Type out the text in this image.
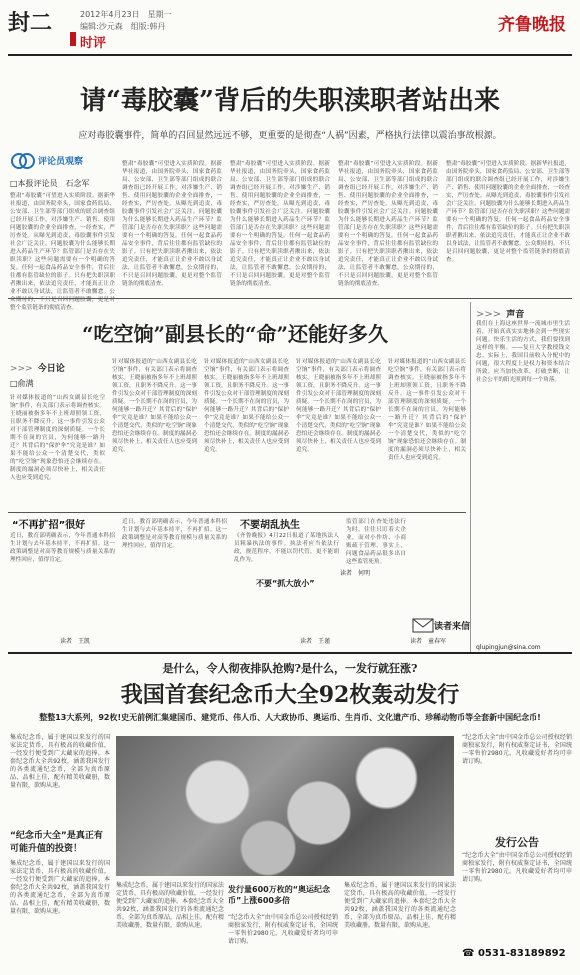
封二	2012年4月23日　星期一
编辑:沙元森　组版:韩丹
时评
齐鲁晚报
请“毒胶囊”背后的失职渎职者站出来
应对毒胶囊事件，简单的召回显然远远不够，更重要的是彻查“人祸”因素，严格执行法律以震治事故根源。
评论员观察
□本报评论员　石念军
整肃“毒胶囊”可望进入实质阶段。据新华社报道，由国务院牵头，国家食药监局、公安部、卫生部等部门组成的联合调查组已经开展工作，对涉嫌生产、销售、使用问题胶囊的企业全面排查，一经查实，严厉查处。从曝光到追责，毒胶囊事件引发社会广泛关注。问题胶囊为什么能够长期进入药品生产环节？监管部门是否存在失职渎职？这些问题需要有一个明确的答复。任何一起食品药品安全事件，背后往往都有监管缺位的影子。只有把失职渎职者揪出来，依法追究责任，才能真正让企业不敢以身试法，让监管者不敢懈怠。公众期待的，不只是召回问题胶囊，更是对整个监管链条的彻底清查。
整肃“毒胶囊”可望进入实质阶段。据新华社报道，由国务院牵头，国家食药监局、公安部、卫生部等部门组成的联合调查组已经开展工作，对涉嫌生产、销售、使用问题胶囊的企业全面排查，一经查实，严厉查处。从曝光到追责，毒胶囊事件引发社会广泛关注。问题胶囊为什么能够长期进入药品生产环节？监管部门是否存在失职渎职？这些问题需要有一个明确的答复。任何一起食品药品安全事件，背后往往都有监管缺位的影子。只有把失职渎职者揪出来，依法追究责任，才能真正让企业不敢以身试法，让监管者不敢懈怠。公众期待的，不只是召回问题胶囊，更是对整个监管链条的彻底清查。
整肃“毒胶囊”可望进入实质阶段。据新华社报道，由国务院牵头，国家食药监局、公安部、卫生部等部门组成的联合调查组已经开展工作，对涉嫌生产、销售、使用问题胶囊的企业全面排查，一经查实，严厉查处。从曝光到追责，毒胶囊事件引发社会广泛关注。问题胶囊为什么能够长期进入药品生产环节？监管部门是否存在失职渎职？这些问题需要有一个明确的答复。任何一起食品药品安全事件，背后往往都有监管缺位的影子。只有把失职渎职者揪出来，依法追究责任，才能真正让企业不敢以身试法，让监管者不敢懈怠。公众期待的，不只是召回问题胶囊，更是对整个监管链条的彻底清查。
整肃“毒胶囊”可望进入实质阶段。据新华社报道，由国务院牵头，国家食药监局、公安部、卫生部等部门组成的联合调查组已经开展工作，对涉嫌生产、销售、使用问题胶囊的企业全面排查，一经查实，严厉查处。从曝光到追责，毒胶囊事件引发社会广泛关注。问题胶囊为什么能够长期进入药品生产环节？监管部门是否存在失职渎职？这些问题需要有一个明确的答复。任何一起食品药品安全事件，背后往往都有监管缺位的影子。只有把失职渎职者揪出来，依法追究责任，才能真正让企业不敢以身试法，让监管者不敢懈怠。公众期待的，不只是召回问题胶囊，更是对整个监管链条的彻底清查。
整肃“毒胶囊”可望进入实质阶段。据新华社报道，由国务院牵头，国家食药监局、公安部、卫生部等部门组成的联合调查组已经开展工作，对涉嫌生产、销售、使用问题胶囊的企业全面排查，一经查实，严厉查处。从曝光到追责，毒胶囊事件引发社会广泛关注。问题胶囊为什么能够长期进入药品生产环节？监管部门是否存在失职渎职？这些问题需要有一个明确的答复。任何一起食品药品安全事件，背后往往都有监管缺位的影子。只有把失职渎职者揪出来，依法追究责任，才能真正让企业不敢以身试法，让监管者不敢懈怠。公众期待的，不只是召回问题胶囊，更是对整个监管链条的彻底清查。
>>> 声音
我们在上海这座世界一流城市里生活着，开始真真实实地体会到一些现实问题。快乐生活的方式，我们要找到这样的平衡。——复旦大学教授钱文忠。实际上，我国目前收入分配中的问题，很大程度上是权力和资本结合所致。应当加快改革，打破垄断，让社会公平的阳光照到每一个角落。
“吃空饷”副县长的“命”还能好多久
>>> 今日论
□俞满
针对媒体报道的“山西女副县长吃空饷”事件，有关部门表示将调查核实。王晓丽被指多年不上班却照领工资，且职务不降反升。这一事件引发公众对干部管理制度的深刻质疑。一个长期不在岗的官员，为何能够一路升迁？其背后的“保护伞”究竟是谁？如果不能给公众一个清楚交代，类似的“吃空饷”现象恐怕还会继续存在。制度的漏洞必须尽快补上，相关责任人也应受到追究。
针对媒体报道的“山西女副县长吃空饷”事件，有关部门表示将调查核实。王晓丽被指多年不上班却照领工资，且职务不降反升。这一事件引发公众对干部管理制度的深刻质疑。一个长期不在岗的官员，为何能够一路升迁？其背后的“保护伞”究竟是谁？如果不能给公众一个清楚交代，类似的“吃空饷”现象恐怕还会继续存在。制度的漏洞必须尽快补上，相关责任人也应受到追究。
针对媒体报道的“山西女副县长吃空饷”事件，有关部门表示将调查核实。王晓丽被指多年不上班却照领工资，且职务不降反升。这一事件引发公众对干部管理制度的深刻质疑。一个长期不在岗的官员，为何能够一路升迁？其背后的“保护伞”究竟是谁？如果不能给公众一个清楚交代，类似的“吃空饷”现象恐怕还会继续存在。制度的漏洞必须尽快补上，相关责任人也应受到追究。
针对媒体报道的“山西女副县长吃空饷”事件，有关部门表示将调查核实。王晓丽被指多年不上班却照领工资，且职务不降反升。这一事件引发公众对干部管理制度的深刻质疑。一个长期不在岗的官员，为何能够一路升迁？其背后的“保护伞”究竟是谁？如果不能给公众一个清楚交代，类似的“吃空饷”现象恐怕还会继续存在。制度的漏洞必须尽快补上，相关责任人也应受到追究。
针对媒体报道的“山西女副县长吃空饷”事件，有关部门表示将调查核实。王晓丽被指多年不上班却照领工资，且职务不降反升。这一事件引发公众对干部管理制度的深刻质疑。一个长期不在岗的官员，为何能够一路升迁？其背后的“保护伞”究竟是谁？如果不能给公众一个清楚交代，类似的“吃空饷”现象恐怕还会继续存在。制度的漏洞必须尽快补上，相关责任人也应受到追究。
“不再扩招”很好
近日，教育部明确表示，今年普通本科招生计划与去年基本持平，不再扩招。这一政策调整是对高等教育规模与质量关系的理性回应，值得肯定。
读者　王凯
近日，教育部明确表示，今年普通本科招生计划与去年基本持平，不再扩招。这一政策调整是对高等教育规模与质量关系的理性回应，值得肯定。
不要胡乱执生
《齐鲁晚报》4月22日报道了某地执法人员粗暴执法的事件。执法者应当依法行政，规范程序，不能以罚代管，更不能胡乱作为。
读者　王谨
不要“抓大放小”
读者　何明
监管部门在查处违法行为时，往往只盯着大企业，而对小作坊、小商贩疏于管理。事实上，问题食品药品很多出自这些监管死角。
读者　童春军
读者来信
qlupingjun@sina.com
是什么，令人彻夜排队抢购?是什么，一发行就狂涨?
我国首套纪念币大全92枚轰动发行
整整13大系列，92枚!史无前例汇集建国币、建党币、伟人币、人大政协币、奥运币、生肖币、文化遗产币、珍稀动物币等全套新中国纪念币!
集成纪念币，属于建国以来发行的国家法定货币，具有极高的收藏价值，一经发行便受到广大藏家的追捧。本套纪念币大全共92枚，涵盖我国发行的各类流通纪念币，全部为真币原品，品相上佳，配有精美收藏册，数量有限，欲购从速。
“纪念币大全”是真正有可能升值的投资！
集成纪念币，属于建国以来发行的国家法定货币，具有极高的收藏价值，一经发行便受到广大藏家的追捧。本套纪念币大全共92枚，涵盖我国发行的各类流通纪念币，全部为真币原品，品相上佳，配有精美收藏册，数量有限，欲购从速。
“纪念币大全”由中国金币总公司授权经销商独家发行，附有权威鉴定证书，全国统一零售价2980元。凡收藏爱好者均可申请订购。
发行公告
“纪念币大全”由中国金币总公司授权经销商独家发行，附有权威鉴定证书，全国统一零售价2980元。凡收藏爱好者均可申请订购。
☎ 0531-83189892
集成纪念币，属于建国以来发行的国家法定货币，具有极高的收藏价值，一经发行便受到广大藏家的追捧。本套纪念币大全共92枚，涵盖我国发行的各类流通纪念币，全部为真币原品，品相上佳，配有精美收藏册，数量有限，欲购从速。
发行量600万枚的“奥运纪念币”上涨600多倍
“纪念币大全”由中国金币总公司授权经销商独家发行，附有权威鉴定证书，全国统一零售价2980元。凡收藏爱好者均可申请订购。
集成纪念币，属于建国以来发行的国家法定货币，具有极高的收藏价值，一经发行便受到广大藏家的追捧。本套纪念币大全共92枚，涵盖我国发行的各类流通纪念币，全部为真币原品，品相上佳，配有精美收藏册，数量有限，欲购从速。
